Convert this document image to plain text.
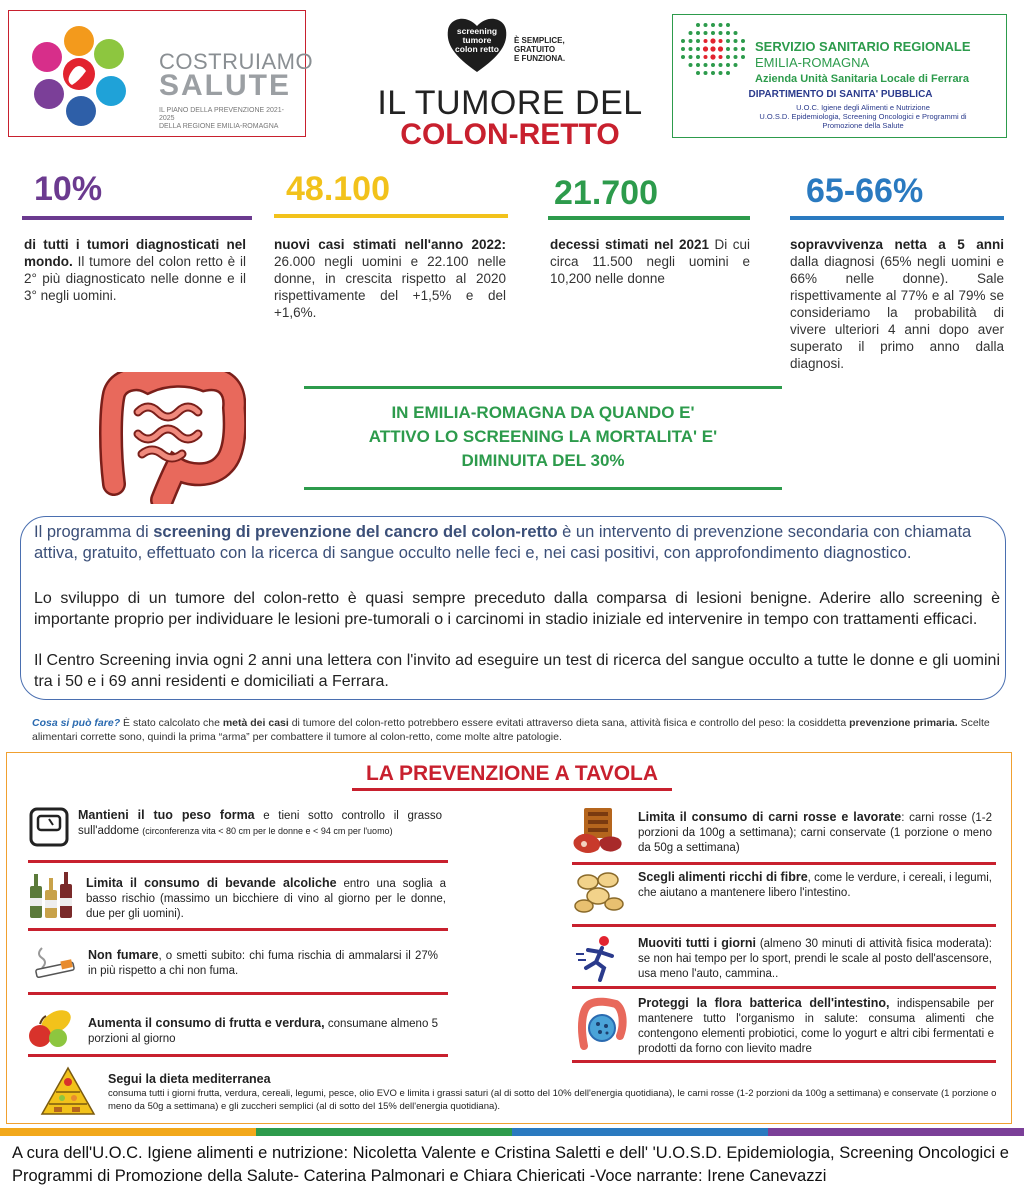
COSTRUIAMO
SALUTE
IL PIANO DELLA PREVENZIONE 2021-2025
DELLA REGIONE EMILIA-ROMAGNA
screening
tumore
colon retto
È SEMPLICE,
GRATUITO
E FUNZIONA.
IL TUMORE DEL
COLON-RETTO
SERVIZIO SANITARIO REGIONALE
EMILIA-ROMAGNA
Azienda Unità Sanitaria Locale di Ferrara
DIPARTIMENTO DI SANITA' PUBBLICA
U.O.C. Igiene degli Alimenti e Nutrizione
U.O.S.D. Epidemiologia, Screening Oncologici e Programmi di
Promozione della Salute
10%
di tutti i tumori diagnosticati nel mondo. Il tumore del colon retto è il 2° più diagnosticato nelle donne e il 3° negli uomini.
48.100
nuovi casi stimati nell'anno 2022: 26.000 negli uomini e 22.100 nelle donne, in crescita rispetto al 2020 rispettivamente del +1,5% e del +1,6%.
21.700
decessi stimati nel 2021 Di cui circa 11.500 negli uomini e 10,200 nelle donne
65-66%
sopravvivenza netta a 5 anni dalla diagnosi (65% negli uomini e 66% nelle donne). Sale rispettivamente al 77% e al 79% se consideriamo la probabilità di vivere ulteriori 4 anni dopo aver superato il primo anno dalla diagnosi.
IN EMILIA-ROMAGNA DA QUANDO E'
ATTIVO LO SCREENING LA MORTALITA' E'
DIMINUITA DEL 30%
Il programma di screening di prevenzione del cancro del colon-retto è un intervento di prevenzione secondaria con chiamata attiva, gratuito, effettuato con la ricerca di sangue occulto nelle feci e, nei casi positivi, con approfondimento diagnostico.
Lo sviluppo di un tumore del colon-retto è quasi sempre preceduto dalla comparsa di lesioni benigne. Aderire allo screening è importante proprio per individuare le lesioni pre-tumorali o i carcinomi in stadio iniziale ed intervenire in tempo con trattamenti efficaci.
Il Centro Screening invia ogni 2 anni una lettera con l'invito ad eseguire un test di ricerca del sangue occulto a tutte le donne e gli uomini tra i 50 e i 69 anni residenti e domiciliati a Ferrara.
Cosa si può fare? È stato calcolato che metà dei casi di tumore del colon-retto potrebbero essere evitati attraverso dieta sana, attività fisica e controllo del peso: la cosiddetta prevenzione primaria. Scelte alimentari corrette sono, quindi la prima “arma” per combattere il tumore al colon-retto, come molte altre patologie.
LA PREVENZIONE A TAVOLA
Mantieni il tuo peso forma e tieni sotto controllo il grasso sull'addome (circonferenza vita < 80 cm per le donne e < 94 cm per l'uomo)
Limita il consumo di bevande alcoliche entro una soglia a basso rischio (massimo un bicchiere di vino al giorno per le donne, due per gli uomini).
Non fumare, o smetti subito: chi fuma rischia di ammalarsi il 27% in più rispetto a chi non fuma.
Aumenta il consumo di frutta e verdura, consumane almeno 5 porzioni al giorno
Limita il consumo di carni rosse e lavorate: carni rosse (1-2 porzioni da 100g a settimana); carni conservate (1 porzione o meno da 50g a settimana)
Scegli alimenti ricchi di fibre, come le verdure, i cereali, i legumi, che aiutano a mantenere libero l'intestino.
Muoviti tutti i giorni (almeno 30 minuti di attività fisica moderata): se non hai tempo per lo sport, prendi le scale al posto dell'ascensore, usa meno l'auto, cammina..
Proteggi la flora batterica dell'intestino, indispensabile per mantenere tutto l'organismo in salute: consuma alimenti che contengono elementi probiotici, come lo yogurt e altri cibi fermentati e prodotti da forno con lievito madre
Segui la dieta mediterranea
consuma tutti i giorni frutta, verdura, cereali, legumi, pesce, olio EVO e limita i grassi saturi (al di sotto del 10% dell'energia quotidiana), le carni rosse (1-2 porzioni da 100g a settimana) e conservate (1 porzione o meno da 50g a settimana) e gli zuccheri semplici (al di sotto del 15% dell'energia quotidiana).
A cura dell'U.O.C. Igiene alimenti e nutrizione: Nicoletta Valente e Cristina Saletti e dell' 'U.O.S.D. Epidemiologia, Screening Oncologici e Programmi di Promozione della Salute- Caterina Palmonari e Chiara Chiericati -Voce narrante: Irene Canevazzi
